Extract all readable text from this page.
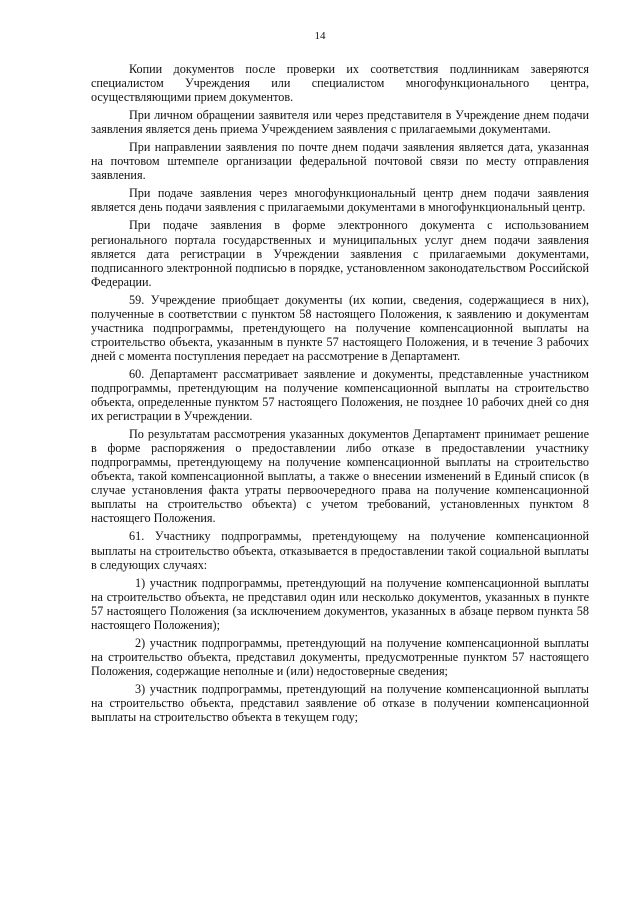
14

Копии документов после проверки их соответствия подлинникам заверяются специалистом Учреждения или специалистом многофункционального центра, осуществляющими прием документов.

При личном обращении заявителя или через представителя в Учреждение днем подачи заявления является день приема Учреждением заявления с прилагаемыми документами.

При направлении заявления по почте днем подачи заявления является дата, указанная на почтовом штемпеле организации федеральной почтовой связи по месту отправления заявления.

При подаче заявления через многофункциональный центр днем подачи заявления является день подачи заявления с прилагаемыми документами в многофункциональный центр.

При подаче заявления в форме электронного документа с использованием регионального портала государственных и муниципальных услуг днем подачи заявления является дата регистрации в Учреждении заявления с прилагаемыми документами, подписанного электронной подписью в порядке, установленном законодательством Российской Федерации.

59. Учреждение приобщает документы (их копии, сведения, содержащиеся в них), полученные в соответствии с пунктом 58 настоящего Положения, к заявлению и документам участника подпрограммы, претендующего на получение компенсационной выплаты на строительство объекта, указанным в пункте 57 настоящего Положения, и в течение 3 рабочих дней с момента поступления передает на рассмотрение в Департамент.

60. Департамент рассматривает заявление и документы, представленные участником подпрограммы, претендующим на получение компенсационной выплаты на строительство объекта, определенные пунктом 57 настоящего Положения, не позднее 10 рабочих дней со дня их регистрации в Учреждении.

По результатам рассмотрения указанных документов Департамент принимает решение в форме распоряжения о предоставлении либо отказе в предоставлении участнику подпрограммы, претендующему на получение компенсационной выплаты на строительство объекта, такой компенсационной выплаты, а также о внесении изменений в Единый список (в случае установления факта утраты первоочередного права на получение компенсационной выплаты на строительство объекта) с учетом требований, установленных пунктом 8 настоящего Положения.

61. Участнику подпрограммы, претендующему на получение компенсационной выплаты на строительство объекта, отказывается в предоставлении такой социальной выплаты в следующих случаях:

1) участник подпрограммы, претендующий на получение компенсационной выплаты на строительство объекта, не представил один или несколько документов, указанных в пункте 57 настоящего Положения (за исключением документов, указанных в абзаце первом пункта 58 настоящего Положения);

2) участник подпрограммы, претендующий на получение компенсационной выплаты на строительство объекта, представил документы, предусмотренные пунктом 57 настоящего Положения, содержащие неполные и (или) недостоверные сведения;

3) участник подпрограммы, претендующий на получение компенсационной выплаты на строительство объекта, представил заявление об отказе в получении компенсационной выплаты на строительство объекта в текущем году;
